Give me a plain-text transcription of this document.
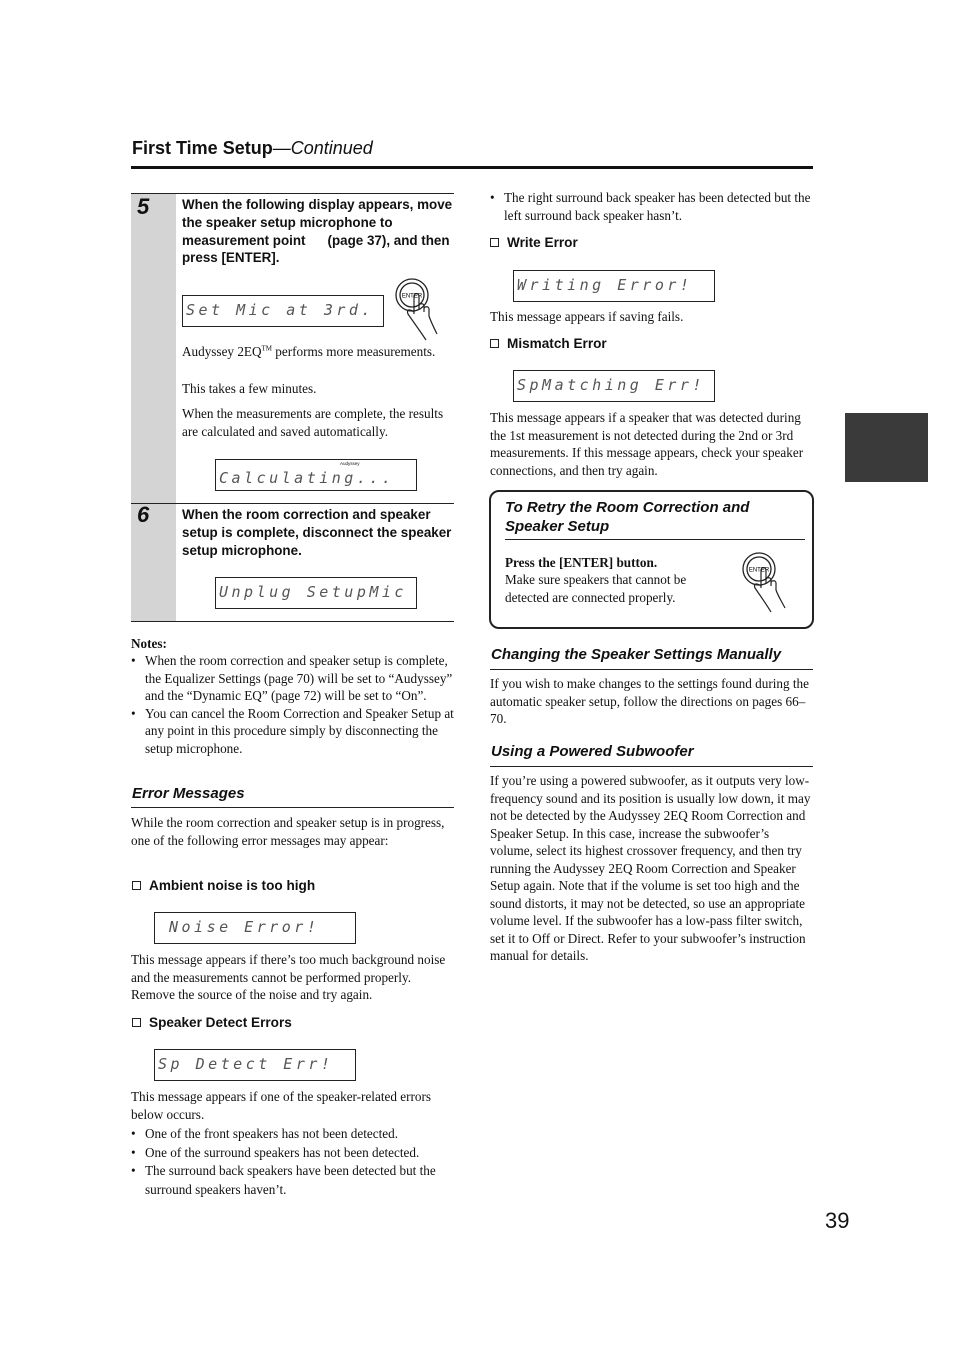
First Time Setup—Continued
5 When the following display appears, move the speaker setup microphone to measurement point (page 37), and then press [ENTER].
Set Mic at 3rd.
ENTER
Audyssey 2EQ™ performs more measurements.
This takes a few minutes.
When the measurements are complete, the results are calculated and saved automatically.
Audyssey
Calculating...
6 When the room correction and speaker setup is complete, disconnect the speaker setup microphone.
Unplug SetupMic
Notes:
• When the room correction and speaker setup is complete, the Equalizer Settings (page 70) will be set to “Audyssey” and the “Dynamic EQ” (page 72) will be set to “On”.
• You can cancel the Room Correction and Speaker Setup at any point in this procedure simply by disconnecting the setup microphone.
Error Messages
While the room correction and speaker setup is in progress, one of the following error messages may appear:
Ambient noise is too high
Noise Error!
This message appears if there’s too much background noise and the measurements cannot be performed properly. Remove the source of the noise and try again.
Speaker Detect Errors
Sp Detect Err!
This message appears if one of the speaker-related errors below occurs.
• One of the front speakers has not been detected.
• One of the surround speakers has not been detected.
• The surround back speakers have been detected but the surround speakers haven’t.
• The right surround back speaker has been detected but the left surround back speaker hasn’t.
Write Error
Writing Error!
This message appears if saving fails.
Mismatch Error
SpMatching Err!
This message appears if a speaker that was detected during the 1st measurement is not detected during the 2nd or 3rd measurements. If this message appears, check your speaker connections, and then try again.
To Retry the Room Correction and Speaker Setup
Press the [ENTER] button.
Make sure speakers that cannot be detected are connected properly.
ENTER
Changing the Speaker Settings Manually
If you wish to make changes to the settings found during the automatic speaker setup, follow the directions on pages 66–70.
Using a Powered Subwoofer
If you’re using a powered subwoofer, as it outputs very low-frequency sound and its position is usually low down, it may not be detected by the Audyssey 2EQ Room Correction and Speaker Setup. In this case, increase the subwoofer’s volume, select its highest crossover frequency, and then try running the Audyssey 2EQ Room Correction and Speaker Setup again. Note that if the volume is set too high and the sound distorts, it may not be detected, so use an appropriate volume level. If the subwoofer has a low-pass filter switch, set it to Off or Direct. Refer to your subwoofer’s instruction manual for details.
39
